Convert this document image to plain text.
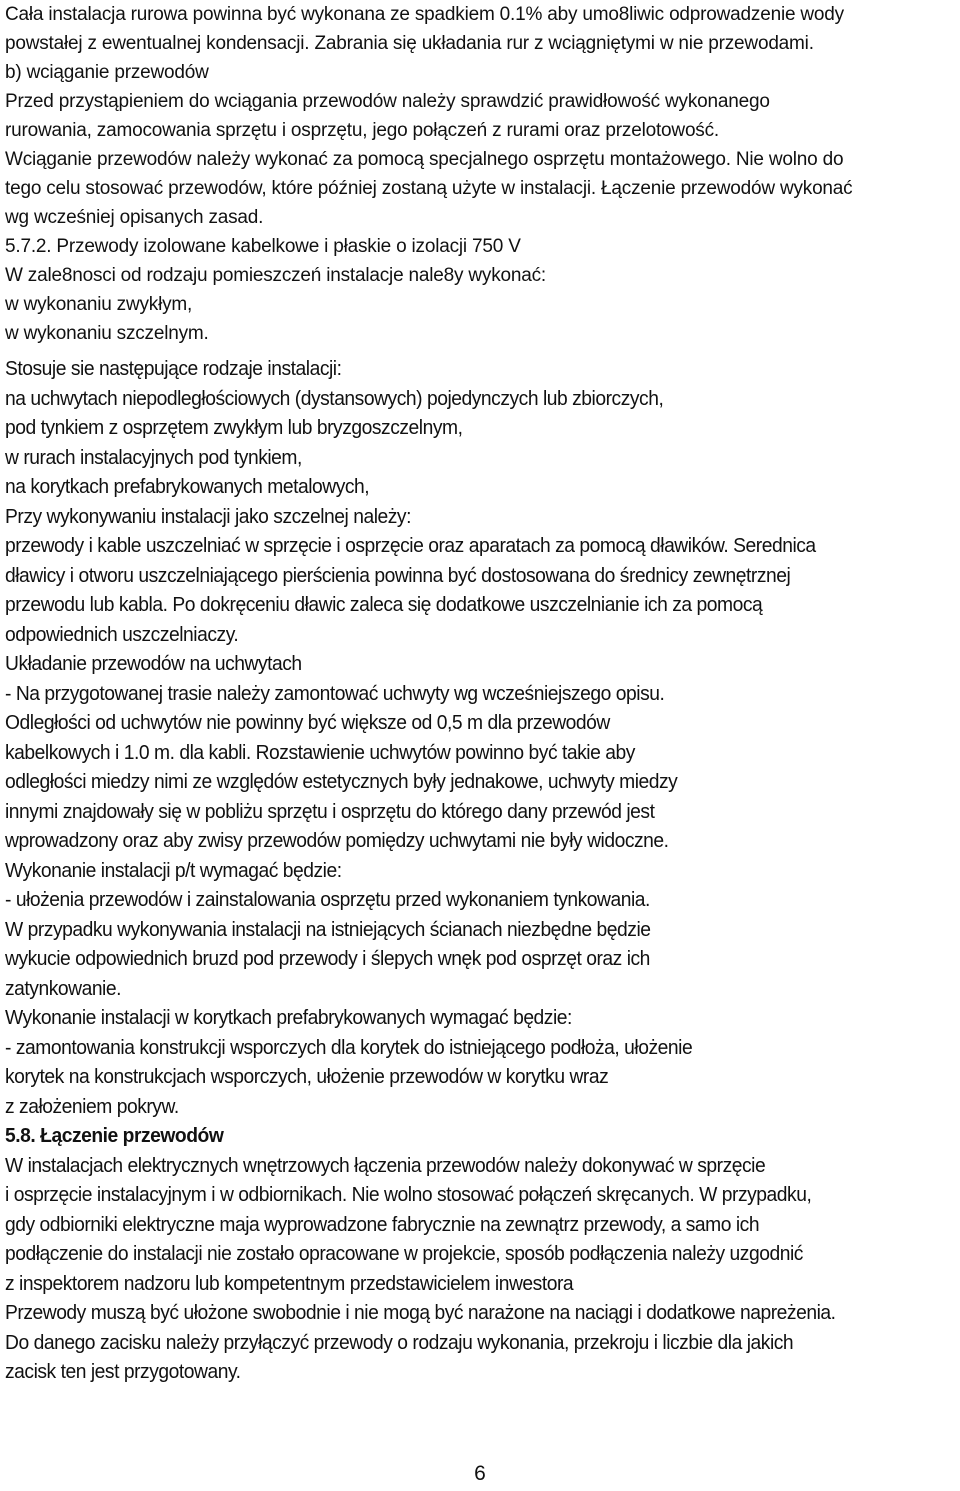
Cała instalacja rurowa powinna być wykonana ze spadkiem 0.1% aby umo8liwic odprowadzenie wody
powstałej z ewentualnej kondensacji. Zabrania się układania rur z wciągniętymi w nie przewodami.
b) wciąganie przewodów
Przed przystąpieniem do wciągania przewodów należy sprawdzić prawidłowość wykonanego
rurowania, zamocowania sprzętu i osprzętu, jego połączeń z rurami oraz przelotowość.
Wciąganie przewodów należy wykonać za pomocą specjalnego osprzętu montażowego. Nie wolno do
tego celu stosować przewodów, które później zostaną użyte w instalacji. Łączenie przewodów wykonać
wg wcześniej opisanych zasad.
5.7.2. Przewody izolowane kabelkowe i płaskie o izolacji 750 V
W zale8nosci od rodzaju pomieszczeń instalacje nale8y wykonać:
w wykonaniu zwykłym,
w wykonaniu szczelnym.
Stosuje sie następujące rodzaje instalacji:
na uchwytach niepodległościowych (dystansowych) pojedynczych lub zbiorczych,
pod tynkiem z osprzętem zwykłym lub bryzgoszczelnym,
w rurach instalacyjnych pod tynkiem,
na korytkach prefabrykowanych metalowych,
Przy wykonywaniu instalacji jako szczelnej należy:
przewody i kable uszczelniać w sprzęcie i osprzęcie oraz aparatach za pomocą dławików. Serednica
dławicy i otworu uszczelniającego pierścienia powinna być dostosowana do średnicy zewnętrznej
przewodu lub kabla. Po dokręceniu dławic zaleca się dodatkowe uszczelnianie ich za pomocą
odpowiednich uszczelniaczy.
Układanie przewodów na uchwytach
- Na przygotowanej trasie należy zamontować uchwyty wg wcześniejszego opisu.
Odległości od uchwytów nie powinny być większe od 0,5 m dla przewodów
kabelkowych i 1.0 m. dla kabli. Rozstawienie uchwytów powinno być takie aby
odległości miedzy nimi ze względów estetycznych były jednakowe, uchwyty miedzy
innymi znajdowały się w pobliżu sprzętu i osprzętu do którego dany przewód jest
wprowadzony oraz aby zwisy przewodów pomiędzy uchwytami nie były widoczne.
Wykonanie instalacji p/t wymagać będzie:
- ułożenia przewodów i zainstalowania osprzętu przed wykonaniem tynkowania.
W przypadku wykonywania instalacji na istniejących ścianach niezbędne będzie
wykucie odpowiednich bruzd pod przewody i ślepych wnęk pod osprzęt oraz ich
zatynkowanie.
Wykonanie instalacji w korytkach prefabrykowanych wymagać będzie:
- zamontowania konstrukcji wsporczych dla korytek do istniejącego podłoża, ułożenie
korytek na konstrukcjach wsporczych, ułożenie przewodów w korytku wraz
z założeniem pokryw.
5.8. Łączenie przewodów
W instalacjach elektrycznych wnętrzowych łączenia przewodów należy dokonywać w sprzęcie
i osprzęcie instalacyjnym i w odbiornikach. Nie wolno stosować połączeń skręcanych. W przypadku,
gdy odbiorniki elektryczne maja wyprowadzone fabrycznie na zewnątrz przewody, a samo ich
podłączenie do instalacji nie zostało opracowane w projekcie, sposób podłączenia należy uzgodnić
z inspektorem nadzoru lub kompetentnym przedstawicielem inwestora
Przewody muszą być ułożone swobodnie i nie mogą być narażone na naciągi i dodatkowe napreżenia.
Do danego zacisku należy przyłączyć przewody o rodzaju wykonania, przekroju i liczbie dla jakich
zacisk ten jest przygotowany.
6
